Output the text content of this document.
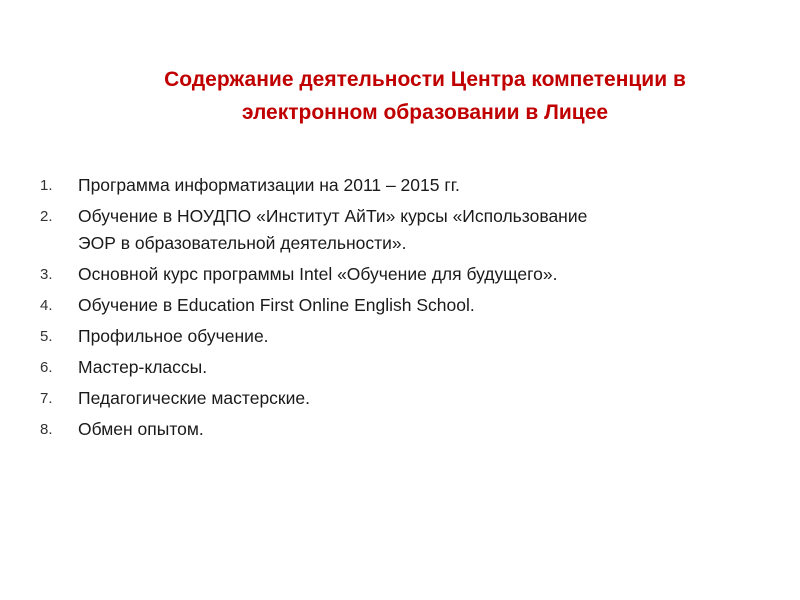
Содержание деятельности Центра компетенции в
электронном образовании в Лицее
1.	Программа информатизации на 2011 – 2015 гг.
2.	Обучение в НОУДПО «Институт АйТи» курсы «Использование
ЭОР в образовательной деятельности».
3.	Основной курс программы Intel «Обучение для будущего».
4.	Обучение в Education First Online English School.
5.	Профильное обучение.
6.	Мастер-классы.
7.	Педагогические мастерские.
8.	Обмен опытом.
